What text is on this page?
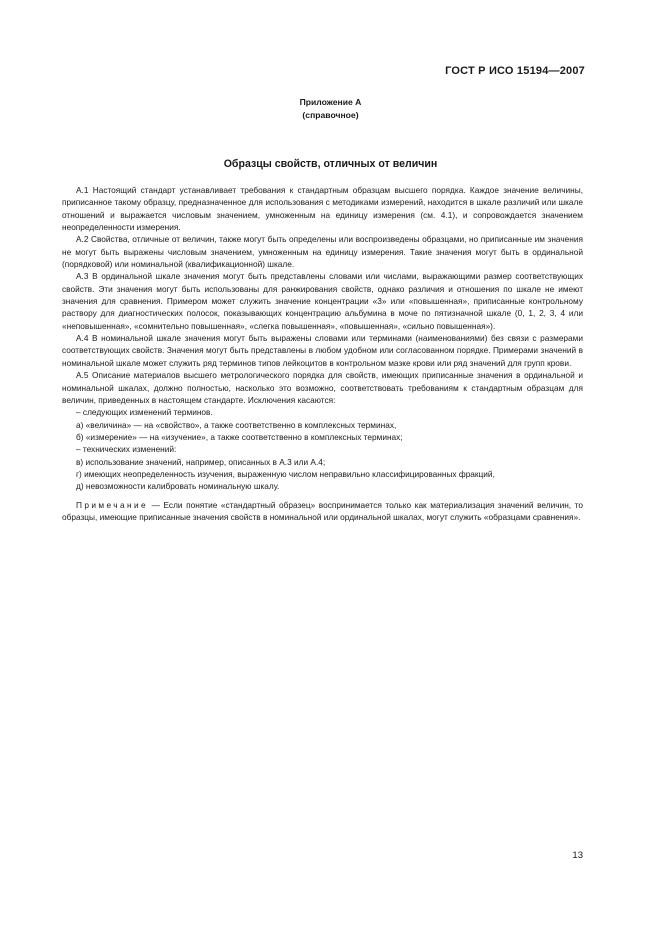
ГОСТ Р ИСО 15194—2007
Приложение А
(справочное)
Образцы свойств, отличных от величин

А.1 Настоящий стандарт устанавливает требования к стандартным образцам высшего порядка. Каждое значение величины, приписанное такому образцу, предназначенное для использования с методиками измерений, находится в шкале различий или шкале отношений и выражается числовым значением, умноженным на единицу измерения (см. 4.1), и сопровождается значением неопределенности измерения.

А.2 Свойства, отличные от величин, также могут быть определены или воспроизведены образцами, но приписанные им значения не могут быть выражены числовым значением, умноженным на единицу измерения. Такие значения могут быть в ординальной (порядковой) или номинальной (квалификационной) шкале.

А.3 В ординальной шкале значения могут быть представлены словами или числами, выражающими размер соответствующих свойств. Эти значения могут быть использованы для ранжирования свойств, однако различия и отношения по шкале не имеют значения для сравнения. Примером может служить значение концентрации «3» или «повышенная», приписанные контрольному раствору для диагностических полосок, показывающих концентрацию альбумина в моче по пятизначной шкале (0, 1, 2, 3, 4 или «неповышенная», «сомнительно повышенная», «слегка повышенная», «повышенная», «сильно повышенная»).

А.4 В номинальной шкале значения могут быть выражены словами или терминами (наименованиями) без связи с размерами соответствующих свойств. Значения могут быть представлены в любом удобном или согласованном порядке. Примерами значений в номинальной шкале может служить ряд терминов типов лейкоцитов в контрольном мазке крови или ряд значений для групп крови.

А.5 Описание материалов высшего метрологического порядка для свойств, имеющих приписанные значения в ординальной и номинальной шкалах, должно полностью, насколько это возможно, соответствовать требованиям к стандартным образцам для величин, приведенных в настоящем стандарте. Исключения касаются:

– следующих изменений терминов.
а) «величина» — на «свойство», а также соответственно в комплексных терминах,
б) «измерение» — на «изучение», а также соответственно в комплексных терминах;
– технических изменений:
в) использование значений, например, описанных в А.3 или А.4;
г) имеющих неопределенность изучения, выраженную числом неправильно классифицированных фракций,
д) невозможности калибровать номинальную шкалу.

Примечание — Если понятие «стандартный образец» воспринимается только как материализация значений величин, то образцы, имеющие приписанные значения свойств в номинальной или ординальной шкалах, могут служить «образцами сравнения».

13
